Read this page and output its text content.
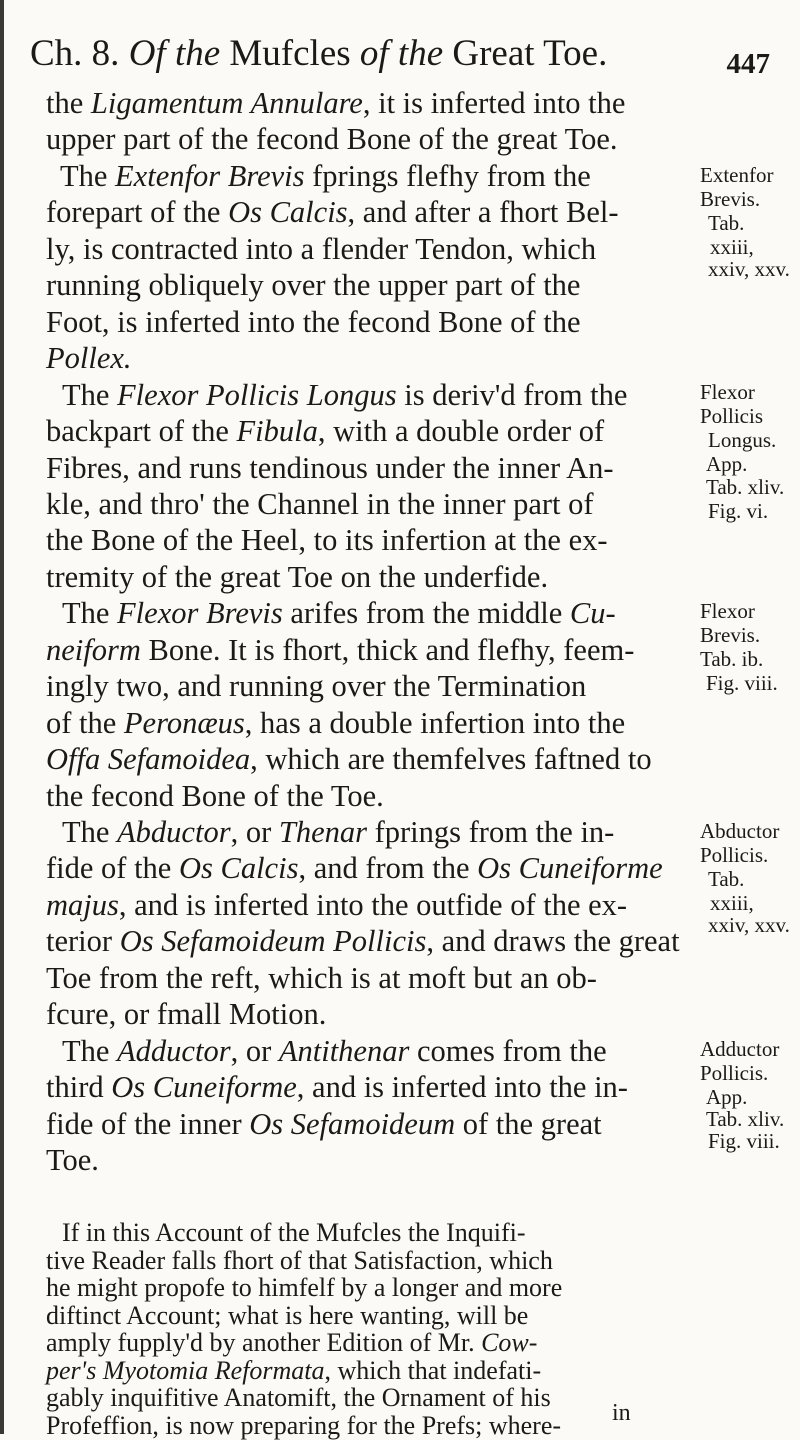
Ch. 8. Of the Mufcles of the Great Toe.	447
the Ligamentum Annulare, it is inferted into the
upper part of the fecond Bone of the great Toe.
The Extenfor Brevis fprings flefhy from the
forepart of the Os Calcis, and after a fhort Bel-
ly, is contracted into a flender Tendon, which
running obliquely over the upper part of the
Foot, is inferted into the fecond Bone of the
Pollex.
The Flexor Pollicis Longus is deriv'd from the
backpart of the Fibula, with a double order of
Fibres, and runs tendinous under the inner An-
kle, and thro' the Channel in the inner part of
the Bone of the Heel, to its infertion at the ex-
tremity of the great Toe on the underfide.
The Flexor Brevis arifes from the middle Cu-
neiform Bone. It is fhort, thick and flefhy, feem-
ingly two, and running over the Termination
of the Peronæus, has a double infertion into the
Offa Sefamoidea, which are themfelves faftned to
the fecond Bone of the Toe.
The Abductor, or Thenar fprings from the in-
fide of the Os Calcis, and from the Os Cuneiforme
majus, and is inferted into the outfide of the ex-
terior Os Sefamoideum Pollicis, and draws the great
Toe from the reft, which is at moft but an ob-
fcure, or fmall Motion.
The Adductor, or Antithenar comes from the
third Os Cuneiforme, and is inferted into the in-
fide of the inner Os Sefamoideum of the great
Toe.
If in this Account of the Mufcles the Inquifi-
tive Reader falls fhort of that Satisfaction, which
he might propofe to himfelf by a longer and more
diftinct Account; what is here wanting, will be
amply fupply'd by another Edition of Mr. Cow-
per's Myotomia Reformata, which that indefati-
gably inquifitive Anatomift, the Ornament of his
Profeffion, is now preparing for the Prefs; where- in
Extenfor
Brevis.
Tab.
xxiii,
xxiv, xxv.
Flexor
Pollicis
Longus.
App.
Tab. xliv.
Fig. vi.
Flexor
Brevis.
Tab. ib.
Fig. viii.
Abductor
Pollicis.
Tab.
xxiii,
xxiv, xxv.
Adductor
Pollicis.
App.
Tab. xliv.
Fig. viii.
